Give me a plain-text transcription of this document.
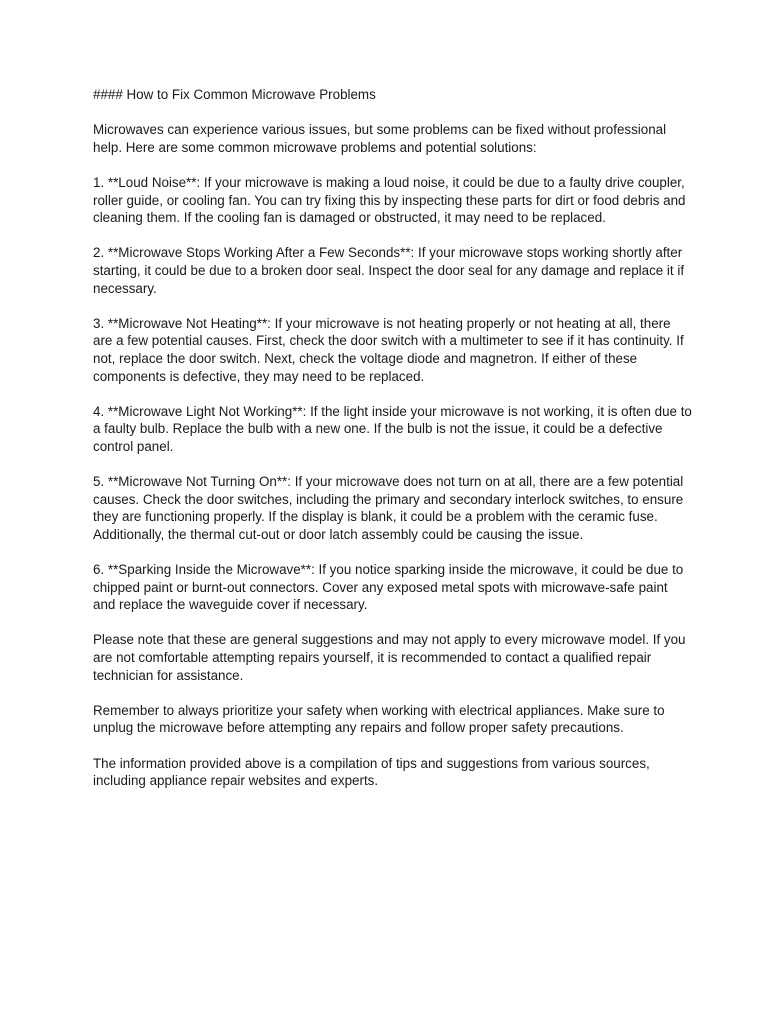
#### How to Fix Common Microwave Problems

Microwaves can experience various issues, but some problems can be fixed without professional help. Here are some common microwave problems and potential solutions:

1. **Loud Noise**: If your microwave is making a loud noise, it could be due to a faulty drive coupler, roller guide, or cooling fan. You can try fixing this by inspecting these parts for dirt or food debris and cleaning them. If the cooling fan is damaged or obstructed, it may need to be replaced.

2. **Microwave Stops Working After a Few Seconds**: If your microwave stops working shortly after starting, it could be due to a broken door seal. Inspect the door seal for any damage and replace it if necessary.

3. **Microwave Not Heating**: If your microwave is not heating properly or not heating at all, there are a few potential causes. First, check the door switch with a multimeter to see if it has continuity. If not, replace the door switch. Next, check the voltage diode and magnetron. If either of these components is defective, they may need to be replaced.

4. **Microwave Light Not Working**: If the light inside your microwave is not working, it is often due to a faulty bulb. Replace the bulb with a new one. If the bulb is not the issue, it could be a defective control panel.

5. **Microwave Not Turning On**: If your microwave does not turn on at all, there are a few potential causes. Check the door switches, including the primary and secondary interlock switches, to ensure they are functioning properly. If the display is blank, it could be a problem with the ceramic fuse. Additionally, the thermal cut-out or door latch assembly could be causing the issue.

6. **Sparking Inside the Microwave**: If you notice sparking inside the microwave, it could be due to chipped paint or burnt-out connectors. Cover any exposed metal spots with microwave-safe paint and replace the waveguide cover if necessary.

Please note that these are general suggestions and may not apply to every microwave model. If you are not comfortable attempting repairs yourself, it is recommended to contact a qualified repair technician for assistance.

Remember to always prioritize your safety when working with electrical appliances. Make sure to unplug the microwave before attempting any repairs and follow proper safety precautions.

The information provided above is a compilation of tips and suggestions from various sources, including appliance repair websites and experts.
